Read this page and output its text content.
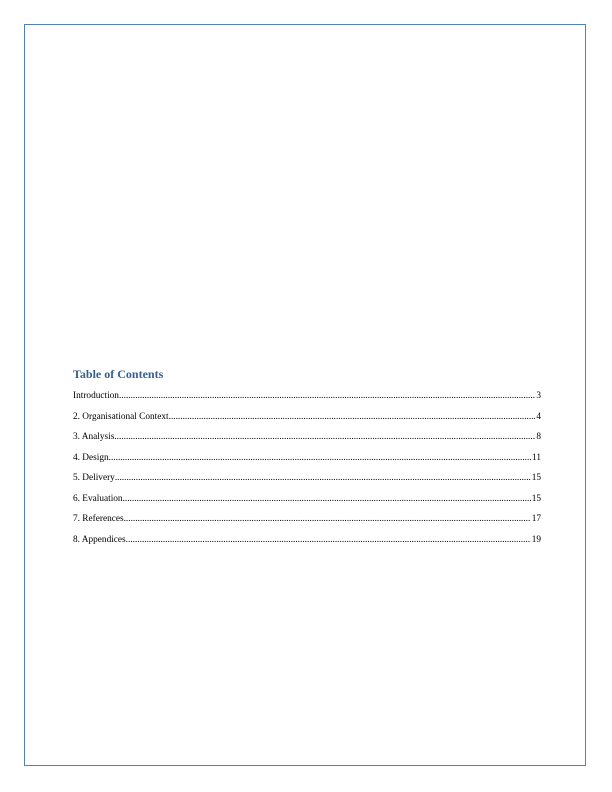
Table of Contents
Introduction .....	3
2. Organisational Context .....	4
3. Analysis .....	8
4. Design .....	11
5. Delivery .....	15
6. Evaluation .....	15
7. References .....	17
8. Appendices .....	19
